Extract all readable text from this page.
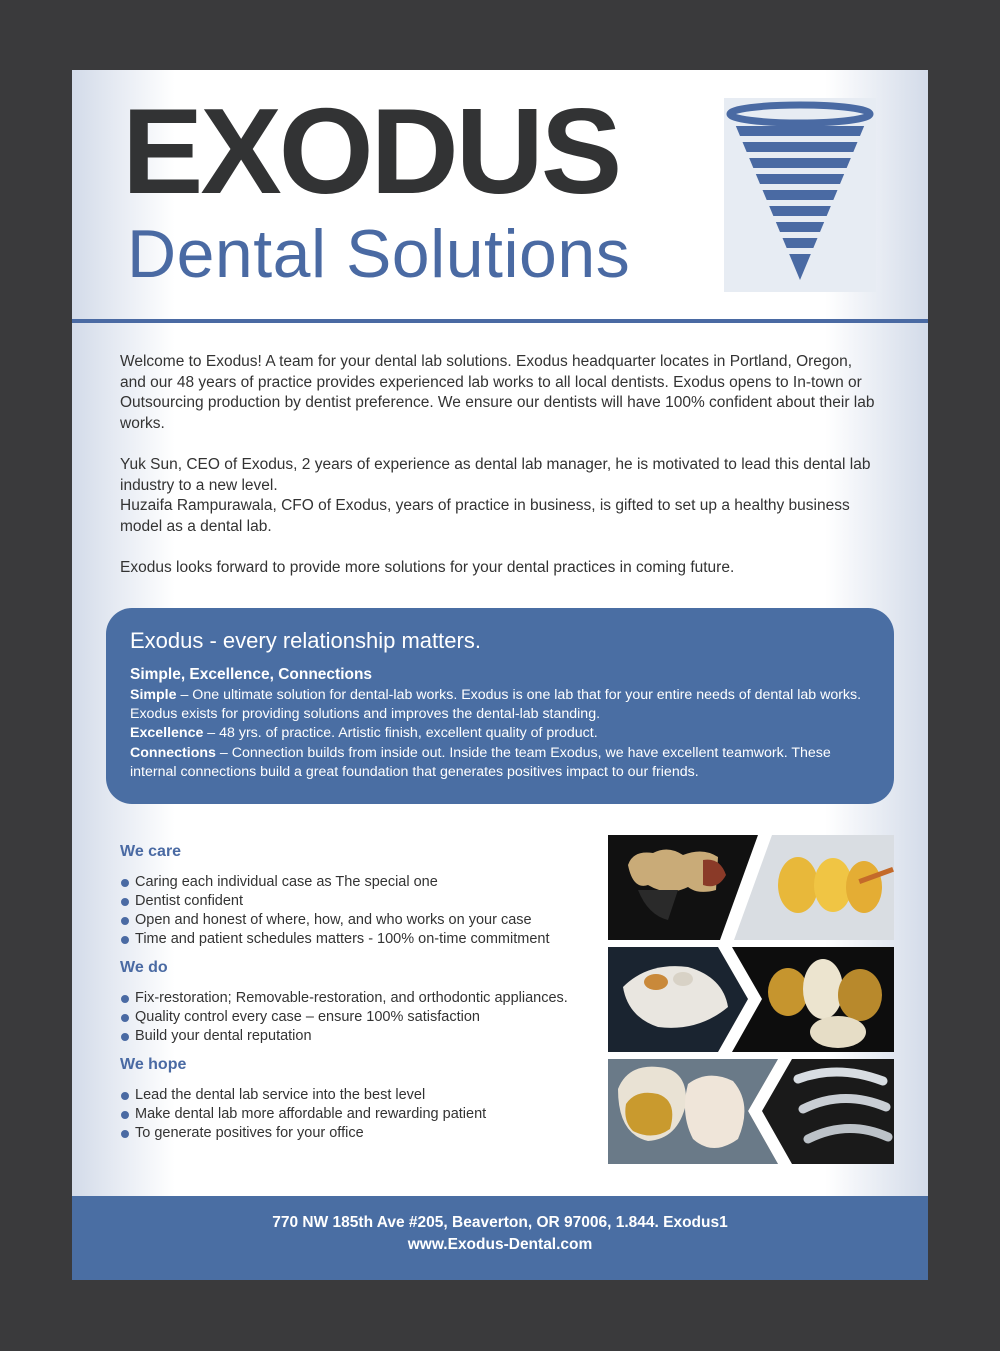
EXODUS
Dental Solutions

Welcome to Exodus! A team for your dental lab solutions. Exodus headquarter locates in Portland, Oregon, and our 48 years of practice provides experienced lab works to all local dentists. Exodus opens to In-town or Outsourcing production by dentist preference. We ensure our dentists will have 100% confident about their lab works.

Yuk Sun, CEO of Exodus, 2 years of experience as dental lab manager, he is motivated to lead this dental lab industry to a new level.

Huzaifa Rampurawala, CFO of Exodus, years of practice in business, is gifted to set up a healthy business model as a dental lab.

Exodus looks forward to provide more solutions for your dental practices in coming future.

Exodus - every relationship matters.
Simple, Excellence, Connections
Simple – One ultimate solution for dental-lab works. Exodus is one lab that for your entire needs of dental lab works. Exodus exists for providing solutions and improves the dental-lab standing.
Excellence – 48 yrs. of practice. Artistic finish, excellent quality of product.
Connections – Connection builds from inside out. Inside the team Exodus, we have excellent teamwork. These internal connections build a great foundation that generates positives impact to our friends.
We care
Caring each individual case as The special one
Dentist confident
Open and honest of where, how, and who works on your case
Time and patient schedules matters - 100% on-time commitment
We do
Fix-restoration; Removable-restoration, and orthodontic appliances.
Quality control every case – ensure 100% satisfaction
Build your dental reputation
We hope
Lead the dental lab service into the best level
Make dental lab more affordable and rewarding patient
To generate positives for your office
770 NW 185th Ave #205, Beaverton, OR 97006, 1.844. Exodus1
www.Exodus-Dental.com
